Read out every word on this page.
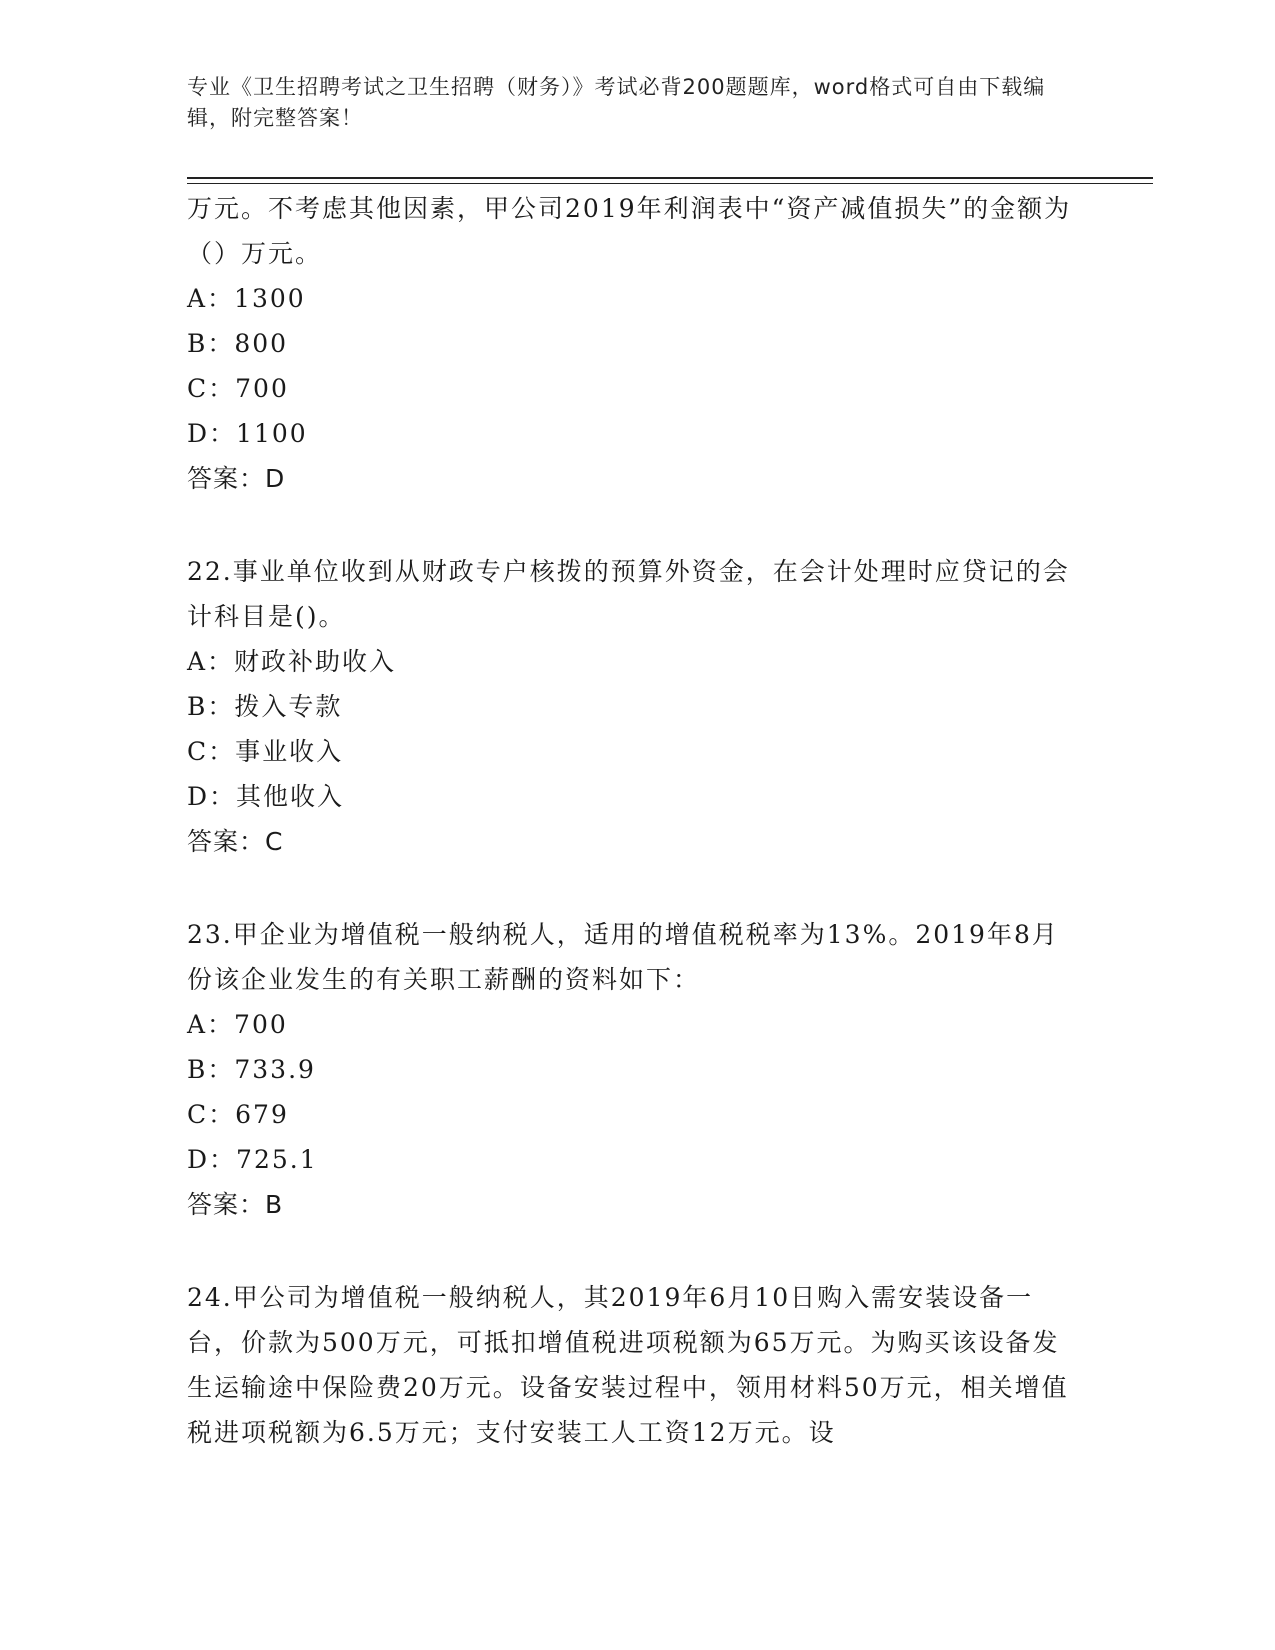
专业《卫生招聘考试之卫生招聘（财务）》考试必背200题题库，word格式可自由下载编辑，附完整答案！

万元。不考虑其他因素，甲公司2019年利润表中“资产减值损失”的金额为（）万元。

A：1300

B：800

C：700

D：1100

答案：D

22.事业单位收到从财政专户核拨的预算外资金，在会计处理时应贷记的会计科目是()。

A：财政补助收入

B：拨入专款

C：事业收入

D：其他收入

答案：C

23.甲企业为增值税一般纳税人，适用的增值税税率为13%。2019年8月份该企业发生的有关职工薪酬的资料如下：

A：700

B：733.9

C：679

D：725.1

答案：B

24.甲公司为增值税一般纳税人，其2019年6月10日购入需安装设备一台，价款为500万元，可抵扣增值税进项税额为65万元。为购买该设备发生运输途中保险费20万元。设备安装过程中，领用材料50万元，相关增值税进项税额为6.5万元；支付安装工人工资12万元。设
